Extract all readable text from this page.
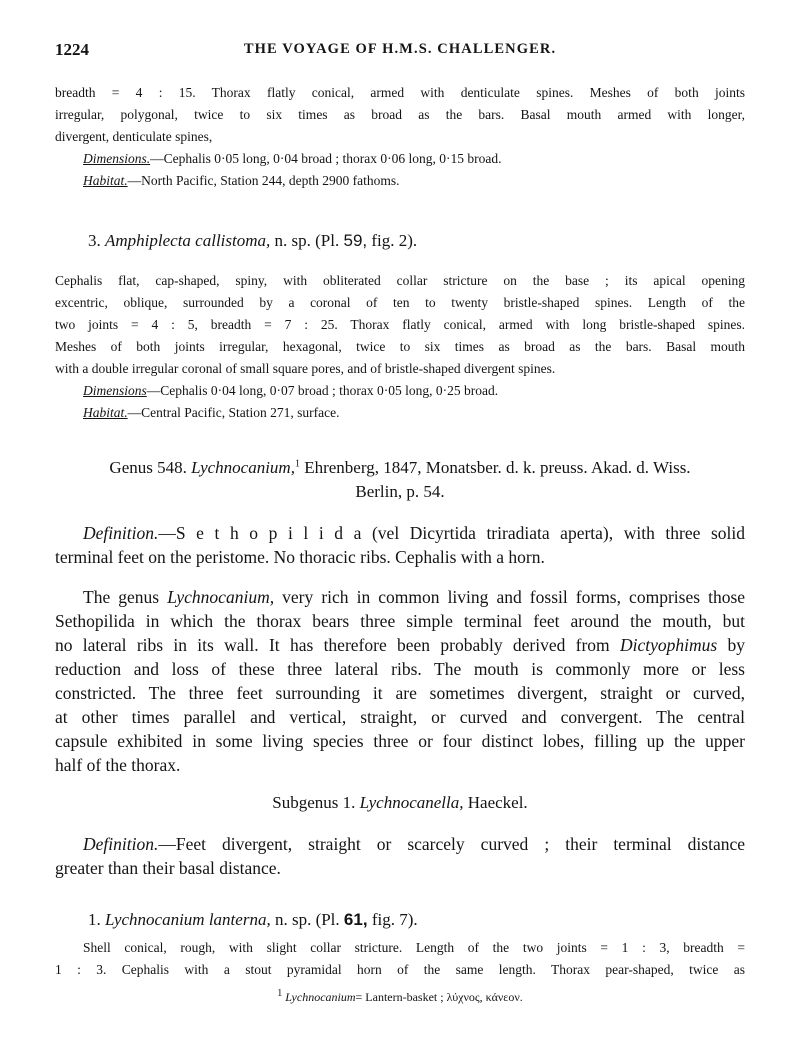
1224	THE VOYAGE OF H.M.S. CHALLENGER.
breadth = 4 : 15. Thorax flatly conical, armed with denticulate spines. Meshes of both joints
irregular, polygonal, twice to six times as broad as the bars. Basal mouth armed with longer,
divergent, denticulate spines,
Dimensions.—Cephalis 0·05 long, 0·04 broad ; thorax 0·06 long, 0·15 broad.
Habitat.—North Pacific, Station 244, depth 2900 fathoms.
3. Amphiplecta callistoma, n. sp. (Pl. 59, fig. 2).
Cephalis flat, cap-shaped, spiny, with obliterated collar stricture on the base ; its apical opening
excentric, oblique, surrounded by a coronal of ten to twenty bristle-shaped spines. Length of the
two joints = 4 : 5, breadth = 7 : 25. Thorax flatly conical, armed with long bristle-shaped spines.
Meshes of both joints irregular, hexagonal, twice to six times as broad as the bars. Basal mouth
with a double irregular coronal of small square pores, and of bristle-shaped divergent spines.
Dimensions—Cephalis 0·04 long, 0·07 broad ; thorax 0·05 long, 0·25 broad.
Habitat.—Central Pacific, Station 271, surface.
Genus 548. Lychnocanium,$^1$ Ehrenberg, 1847, Monatsber. d. k. preuss. Akad. d. Wiss.
Berlin, p. 54.
Definition.—S e t h o p i l i d a (vel Dicyrtida triradiata aperta), with three solid
terminal feet on the peristome. No thoracic ribs. Cephalis with a horn.
The genus Lychnocanium, very rich in common living and fossil forms, comprises those
Sethopilida in which the thorax bears three simple terminal feet around the mouth, but
no lateral ribs in its wall. It has therefore been probably derived from Dictyophimus by
reduction and loss of these three lateral ribs. The mouth is commonly more or less
constricted. The three feet surrounding it are sometimes divergent, straight or curved,
at other times parallel and vertical, straight, or curved and convergent. The central
capsule exhibited in some living species three or four distinct lobes, filling up the upper
half of the thorax.
Subgenus 1. Lychnocanella, Haeckel.
Definition.—Feet divergent, straight or scarcely curved ; their terminal distance
greater than their basal distance.
1. Lychnocanium lanterna, n. sp. (Pl. 61, fig. 7).
Shell conical, rough, with slight collar stricture. Length of the two joints = 1 : 3, breadth =
1 : 3. Cephalis with a stout pyramidal horn of the same length. Thorax pear-shaped, twice as
$^1$ Lychnocanium= Lantern-basket ; λύχνος, κάνεον.
